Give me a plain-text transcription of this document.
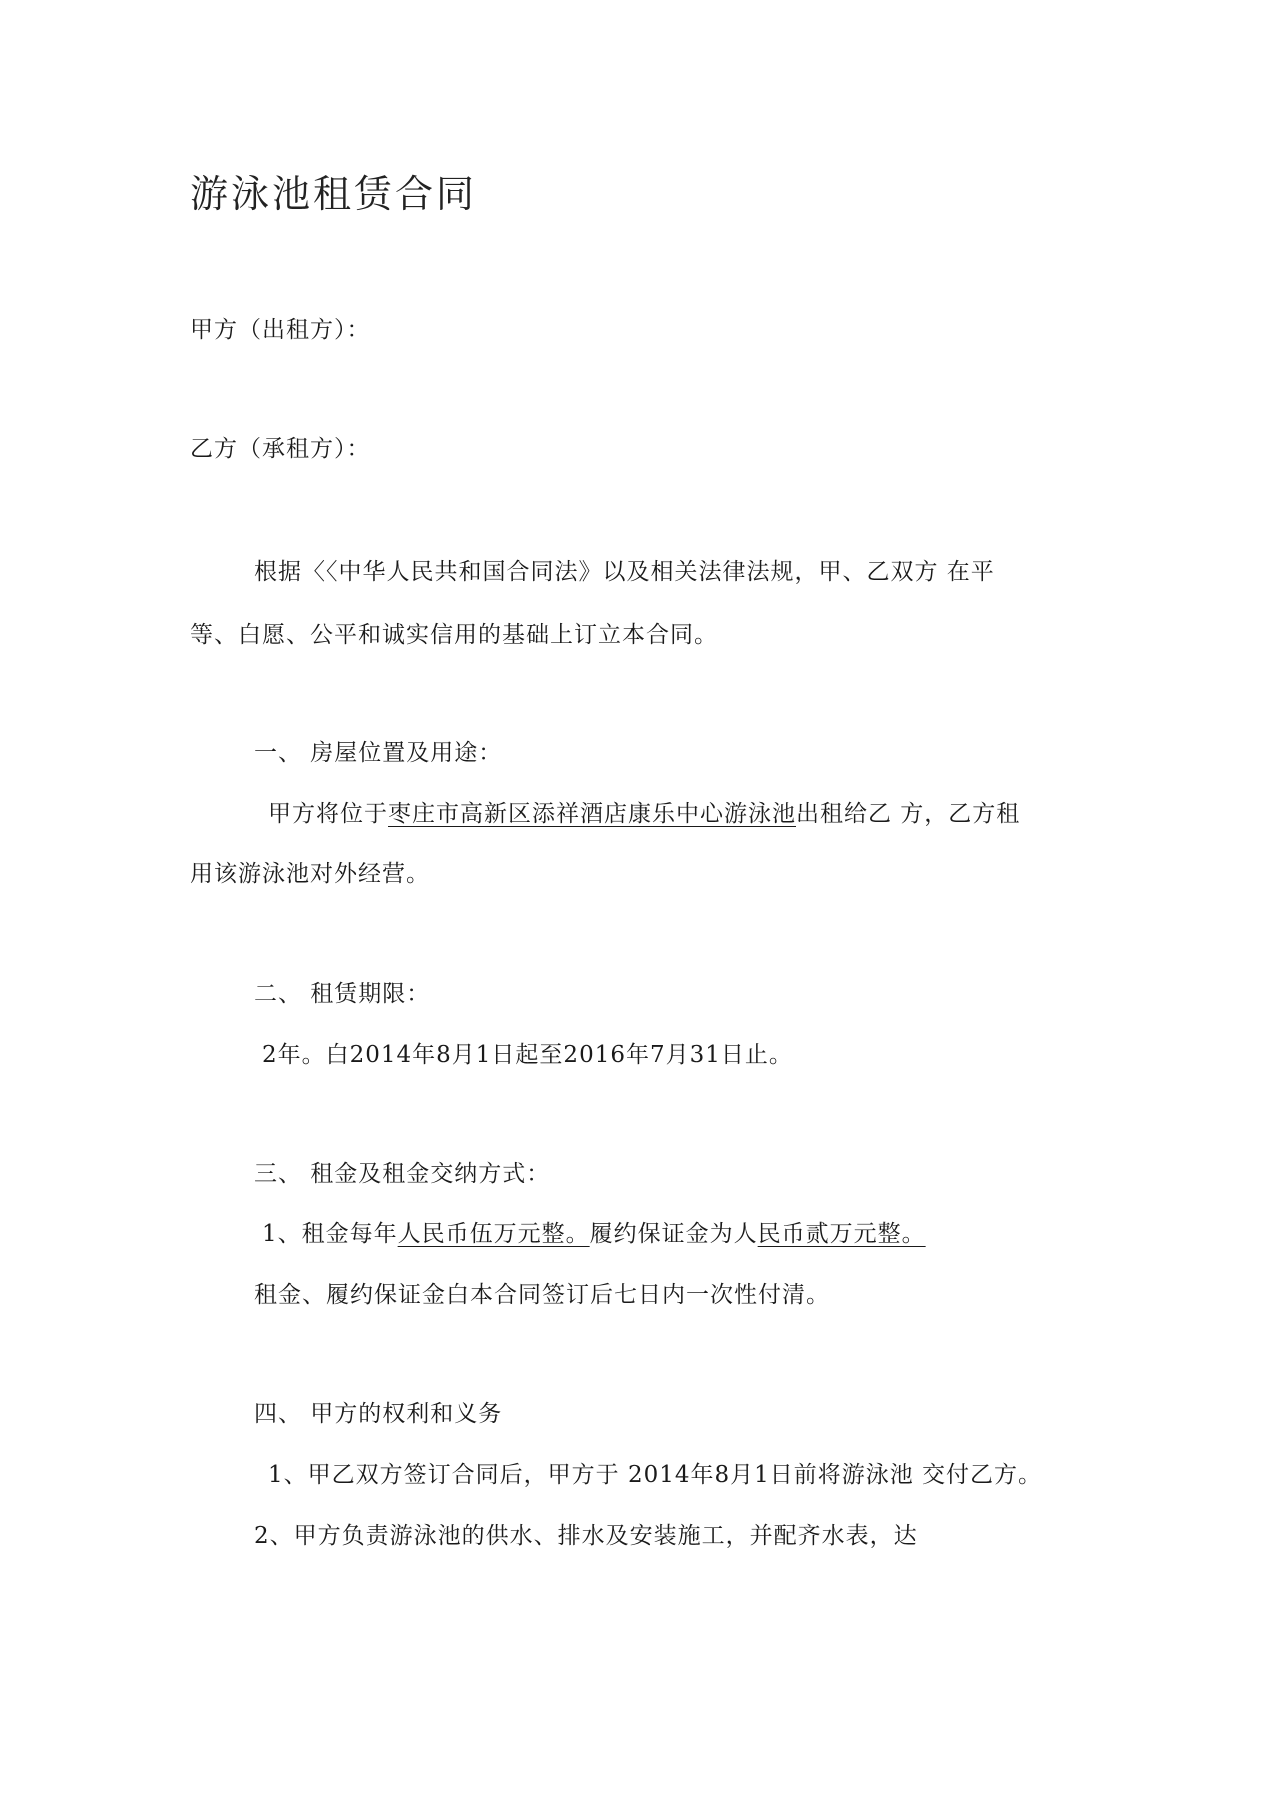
游泳池租赁合同
甲方（出租方）：
乙方（承租方）：
根据〈〈中华人民共和国合同法》以及相关法律法规，甲、乙双方 在平
等、白愿、公平和诚实信用的基础上订立本合同。
一、 房屋位置及用途：
甲方将位于枣庄市高新区添祥酒店康乐中心游泳池出租给乙 方，乙方租
用该游泳池对外经营。
二、 租赁期限：
2年。白2014年8月1日起至2016年7月31日止。
三、 租金及租金交纳方式：
1、租金每年人民币伍万元整。履约保证金为人民币贰万元整。
租金、履约保证金白本合同签订后七日内一次性付清。
四、 甲方的权利和义务
1、甲乙双方签订合同后，甲方于 2014年8月1日前将游泳池 交付乙方。
2、甲方负责游泳池的供水、排水及安装施工，并配齐水表，达
